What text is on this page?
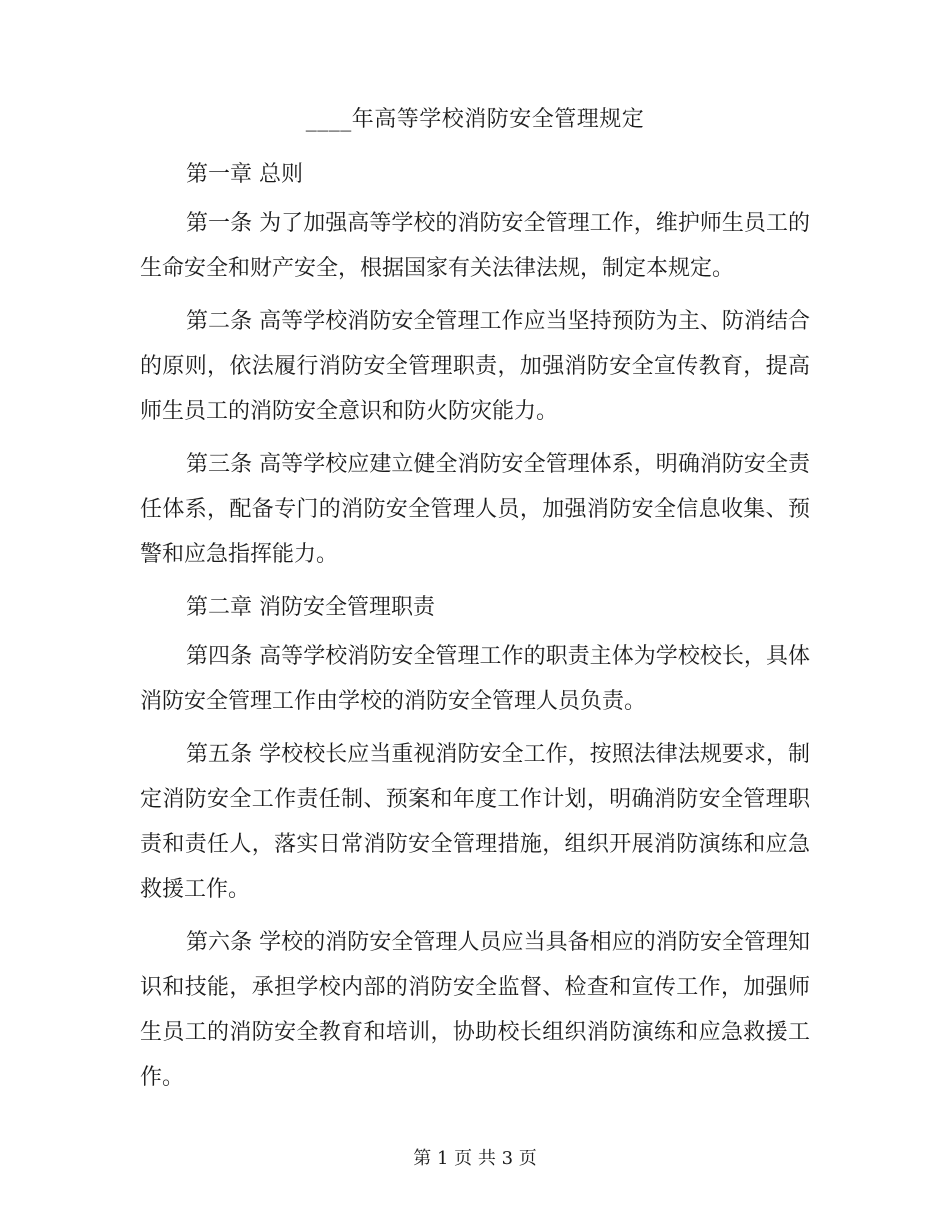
____年高等学校消防安全管理规定

第一章 总则

第一条 为了加强高等学校的消防安全管理工作，维护师生员工的生命安全和财产安全，根据国家有关法律法规，制定本规定。

第二条 高等学校消防安全管理工作应当坚持预防为主、防消结合的原则，依法履行消防安全管理职责，加强消防安全宣传教育，提高师生员工的消防安全意识和防火防灾能力。

第三条 高等学校应建立健全消防安全管理体系，明确消防安全责任体系，配备专门的消防安全管理人员，加强消防安全信息收集、预警和应急指挥能力。

第二章 消防安全管理职责

第四条 高等学校消防安全管理工作的职责主体为学校校长，具体消防安全管理工作由学校的消防安全管理人员负责。

第五条 学校校长应当重视消防安全工作，按照法律法规要求，制定消防安全工作责任制、预案和年度工作计划，明确消防安全管理职责和责任人，落实日常消防安全管理措施，组织开展消防演练和应急救援工作。

第六条 学校的消防安全管理人员应当具备相应的消防安全管理知识和技能，承担学校内部的消防安全监督、检查和宣传工作，加强师生员工的消防安全教育和培训，协助校长组织消防演练和应急救援工作。

第 1 页 共 3 页
